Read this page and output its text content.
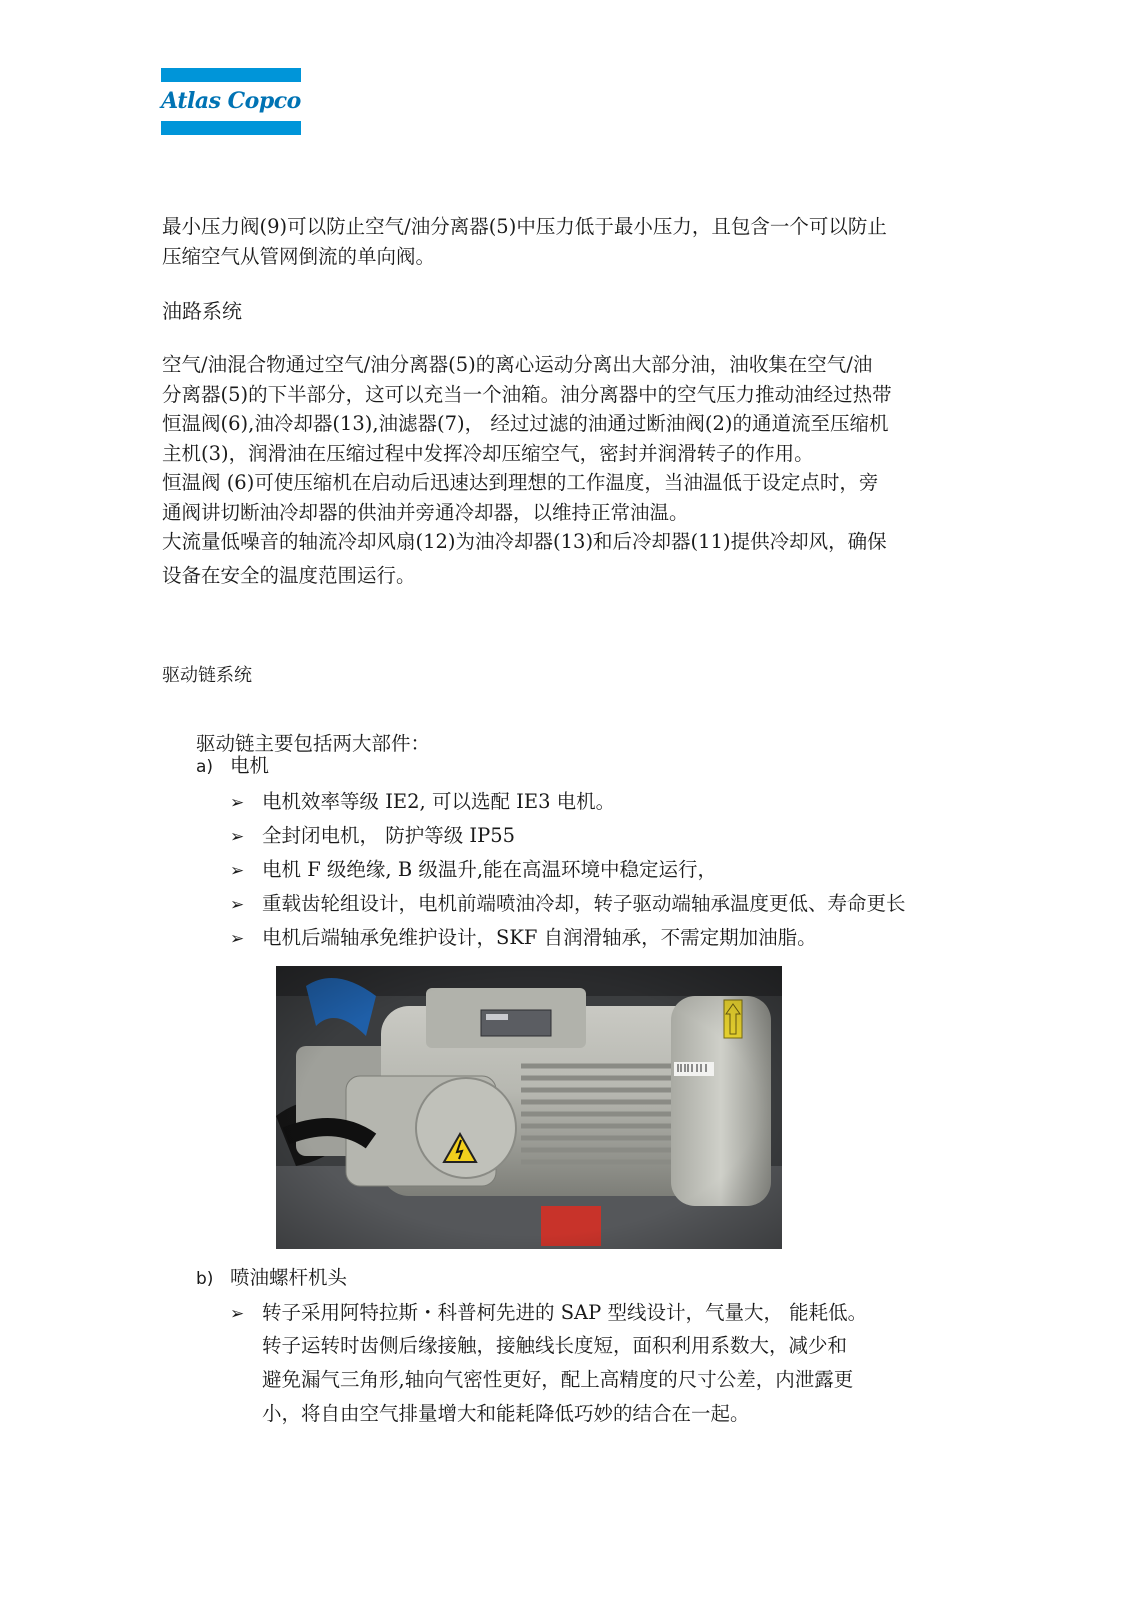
Atlas Copco

最小压力阀(9)可以防止空气/油分离器(5)中压力低于最小压力，且包含一个可以防止

压缩空气从管网倒流的单向阀。

油路系统

空气/油混合物通过空气/油分离器(5)的离心运动分离出大部分油，油收集在空气/油

分离器(5)的下半部分，这可以充当一个油箱。油分离器中的空气压力推动油经过热带

恒温阀(6),油冷却器(13),油滤器(7)， 经过过滤的油通过断油阀(2)的通道流至压缩机

主机(3)，润滑油在压缩过程中发挥冷却压缩空气，密封并润滑转子的作用。

恒温阀 (6)可使压缩机在启动后迅速达到理想的工作温度，当油温低于设定点时，旁

通阀讲切断油冷却器的供油并旁通冷却器，以维持正常油温。

大流量低噪音的轴流冷却风扇(12)为油冷却器(13)和后冷却器(11)提供冷却风，确保

设备在安全的温度范围运行。

驱动链系统
驱动链主要包括两大部件：
a) 电机
➢ 电机效率等级 IE2, 可以选配 IE3 电机。
➢ 全封闭电机， 防护等级 IP55
➢ 电机 F 级绝缘, B 级温升,能在高温环境中稳定运行，
➢ 重载齿轮组设计，电机前端喷油冷却，转子驱动端轴承温度更低、寿命更长
➢ 电机后端轴承免维护设计，SKF 自润滑轴承，不需定期加油脂。
b) 喷油螺杆机头
➢ 转子采用阿特拉斯・科普柯先进的 SAP 型线设计，气量大， 能耗低。
转子运转时齿侧后缘接触，接触线长度短，面积利用系数大，减少和
避免漏气三角形,轴向气密性更好，配上高精度的尺寸公差，内泄露更
小，将自由空气排量增大和能耗降低巧妙的结合在一起。
